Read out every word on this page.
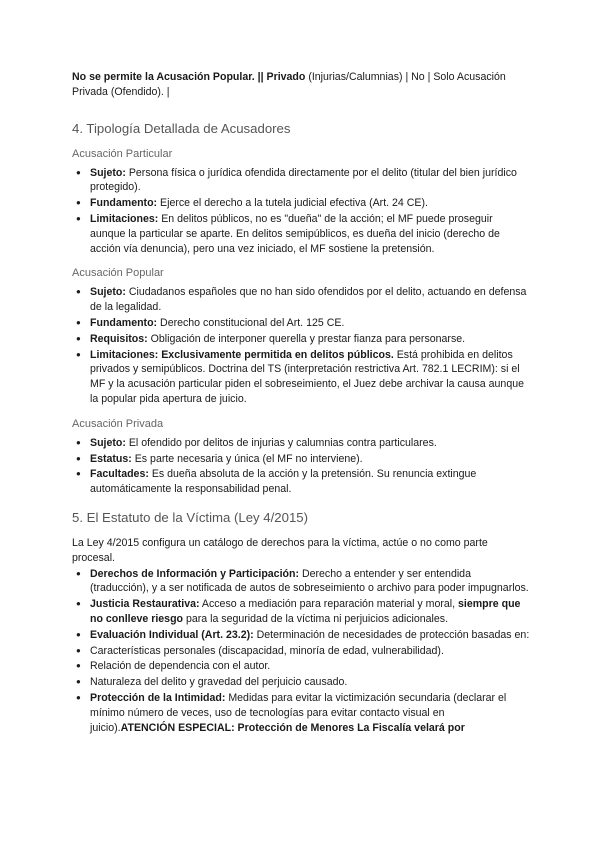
No se permite la Acusación Popular. || Privado (Injurias/Calumnias) | No | Solo Acusación Privada (Ofendido). |

4. Tipología Detallada de Acusadores
Acusación Particular
● Sujeto: Persona física o jurídica ofendida directamente por el delito (titular del bien jurídico protegido).
● Fundamento: Ejerce el derecho a la tutela judicial efectiva (Art. 24 CE).
● Limitaciones: En delitos públicos, no es "dueña" de la acción; el MF puede proseguir aunque la particular se aparte. En delitos semipúblicos, es dueña del inicio (derecho de acción vía denuncia), pero una vez iniciado, el MF sostiene la pretensión.
Acusación Popular
● Sujeto: Ciudadanos españoles que no han sido ofendidos por el delito, actuando en defensa de la legalidad.
● Fundamento: Derecho constitucional del Art. 125 CE.
● Requisitos: Obligación de interponer querella y prestar fianza para personarse.
● Limitaciones: Exclusivamente permitida en delitos públicos. Está prohibida en delitos privados y semipúblicos. Doctrina del TS (interpretación restrictiva Art. 782.1 LECRIM): si el MF y la acusación particular piden el sobreseimiento, el Juez debe archivar la causa aunque la popular pida apertura de juicio.
Acusación Privada
● Sujeto: El ofendido por delitos de injurias y calumnias contra particulares.
● Estatus: Es parte necesaria y única (el MF no interviene).
● Facultades: Es dueña absoluta de la acción y la pretensión. Su renuncia extingue automáticamente la responsabilidad penal.
5. El Estatuto de la Víctima (Ley 4/2015)

La Ley 4/2015 configura un catálogo de derechos para la víctima, actúe o no como parte procesal.

● Derechos de Información y Participación: Derecho a entender y ser entendida (traducción), y a ser notificada de autos de sobreseimiento o archivo para poder impugnarlos.
● Justicia Restaurativa: Acceso a mediación para reparación material y moral, siempre que no conlleve riesgo para la seguridad de la víctima ni perjuicios adicionales.
● Evaluación Individual (Art. 23.2): Determinación de necesidades de protección basadas en:
● Características personales (discapacidad, minoría de edad, vulnerabilidad).
● Relación de dependencia con el autor.
● Naturaleza del delito y gravedad del perjuicio causado.
● Protección de la Intimidad: Medidas para evitar la victimización secundaria (declarar el mínimo número de veces, uso de tecnologías para evitar contacto visual en juicio).ATENCIÓN ESPECIAL: Protección de Menores La Fiscalía velará por
